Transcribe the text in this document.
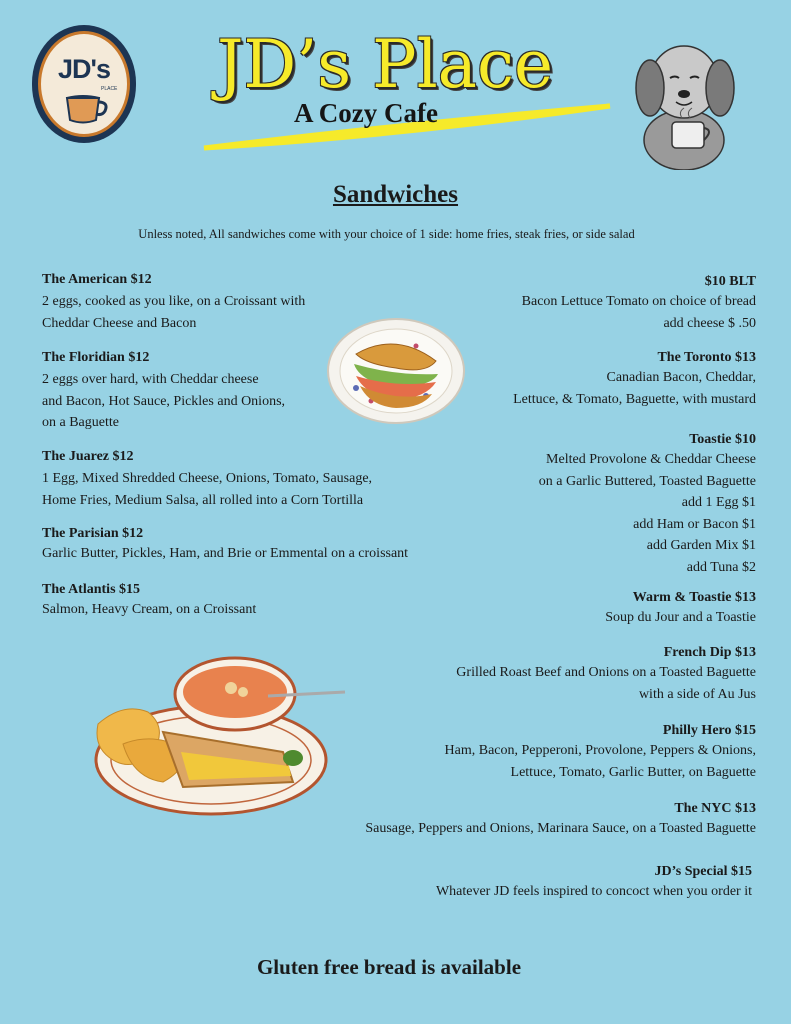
JD's
PLACE JD’s Place
A Cozy Cafe
Sandwiches
Unless noted, All sandwiches come with your choice of 1 side: home fries, steak fries, or side salad
The American $12
2 eggs, cooked as you like, on a Croissant with
Cheddar Cheese and Bacon
The Floridian $12
2 eggs over hard, with Cheddar cheese
and Bacon, Hot Sauce, Pickles and Onions,
on a Baguette
The Juarez $12
1 Egg, Mixed Shredded Cheese, Onions, Tomato, Sausage,
Home Fries, Medium Salsa, all rolled into a Corn Tortilla
The Parisian $12
Garlic Butter, Pickles, Ham, and Brie or Emmental on a croissant
The Atlantis $15
Salmon, Heavy Cream, on a Croissant
$10 BLT
Bacon Lettuce Tomato on choice of bread
add cheese $ .50
The Toronto $13
Canadian Bacon, Cheddar,
Lettuce, & Tomato, Baguette, with mustard
Toastie $10
Melted Provolone & Cheddar Cheese
on a Garlic Buttered, Toasted Baguette
add 1 Egg $1
add Ham or Bacon $1
add Garden Mix $1
add Tuna $2
Warm & Toastie $13
Soup du Jour and a Toastie
French Dip $13
Grilled Roast Beef and Onions on a Toasted Baguette
with a side of Au Jus
Philly Hero $15
Ham, Bacon, Pepperoni, Provolone, Peppers & Onions,
Lettuce, Tomato, Garlic Butter, on Baguette
The NYC $13
Sausage, Peppers and Onions, Marinara Sauce, on a Toasted Baguette
JD’s Special $15
Whatever JD feels inspired to concoct when you order it
Gluten free bread is available
